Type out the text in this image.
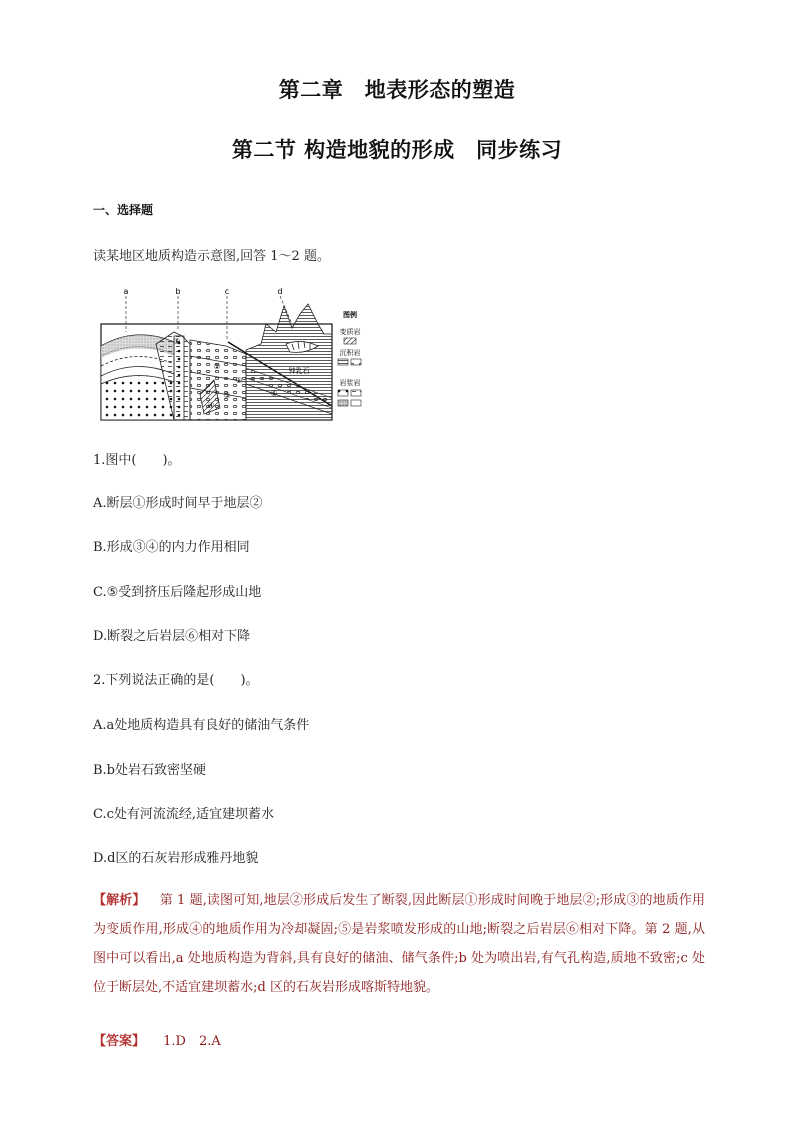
第二章　地表形态的塑造
第二节 构造地貌的形成　同步练习
一、选择题
读某地区地质构造示意图,回答 1～2 题。
a	b	c	d
⑤
②
①
③
④
⑥
钟乳石
图例
变质岩
沉积岩
岩浆岩
1.图中(　　)。
A.断层①形成时间早于地层②
B.形成③④的内力作用相同
C.⑤受到挤压后隆起形成山地
D.断裂之后岩层⑥相对下降
2.下列说法正确的是(　　)。
A.a处地质构造具有良好的储油气条件
B.b处岩石致密坚硬
C.c处有河流流经,适宜建坝蓄水
D.d区的石灰岩形成雅丹地貌
【解析】 第 1 题,读图可知,地层②形成后发生了断裂,因此断层①形成时间晚于地层②;形成③的地质作用为变质作用,形成④的地质作用为冷却凝固;⑤是岩浆喷发形成的山地;断裂之后岩层⑥相对下降。第 2 题,从图中可以看出,a 处地质构造为背斜,具有良好的储油、储气条件;b 处为喷出岩,有气孔构造,质地不致密;c 处位于断层处,不适宜建坝蓄水;d 区的石灰岩形成喀斯特地貌。
【答案】 1.D　2.A
